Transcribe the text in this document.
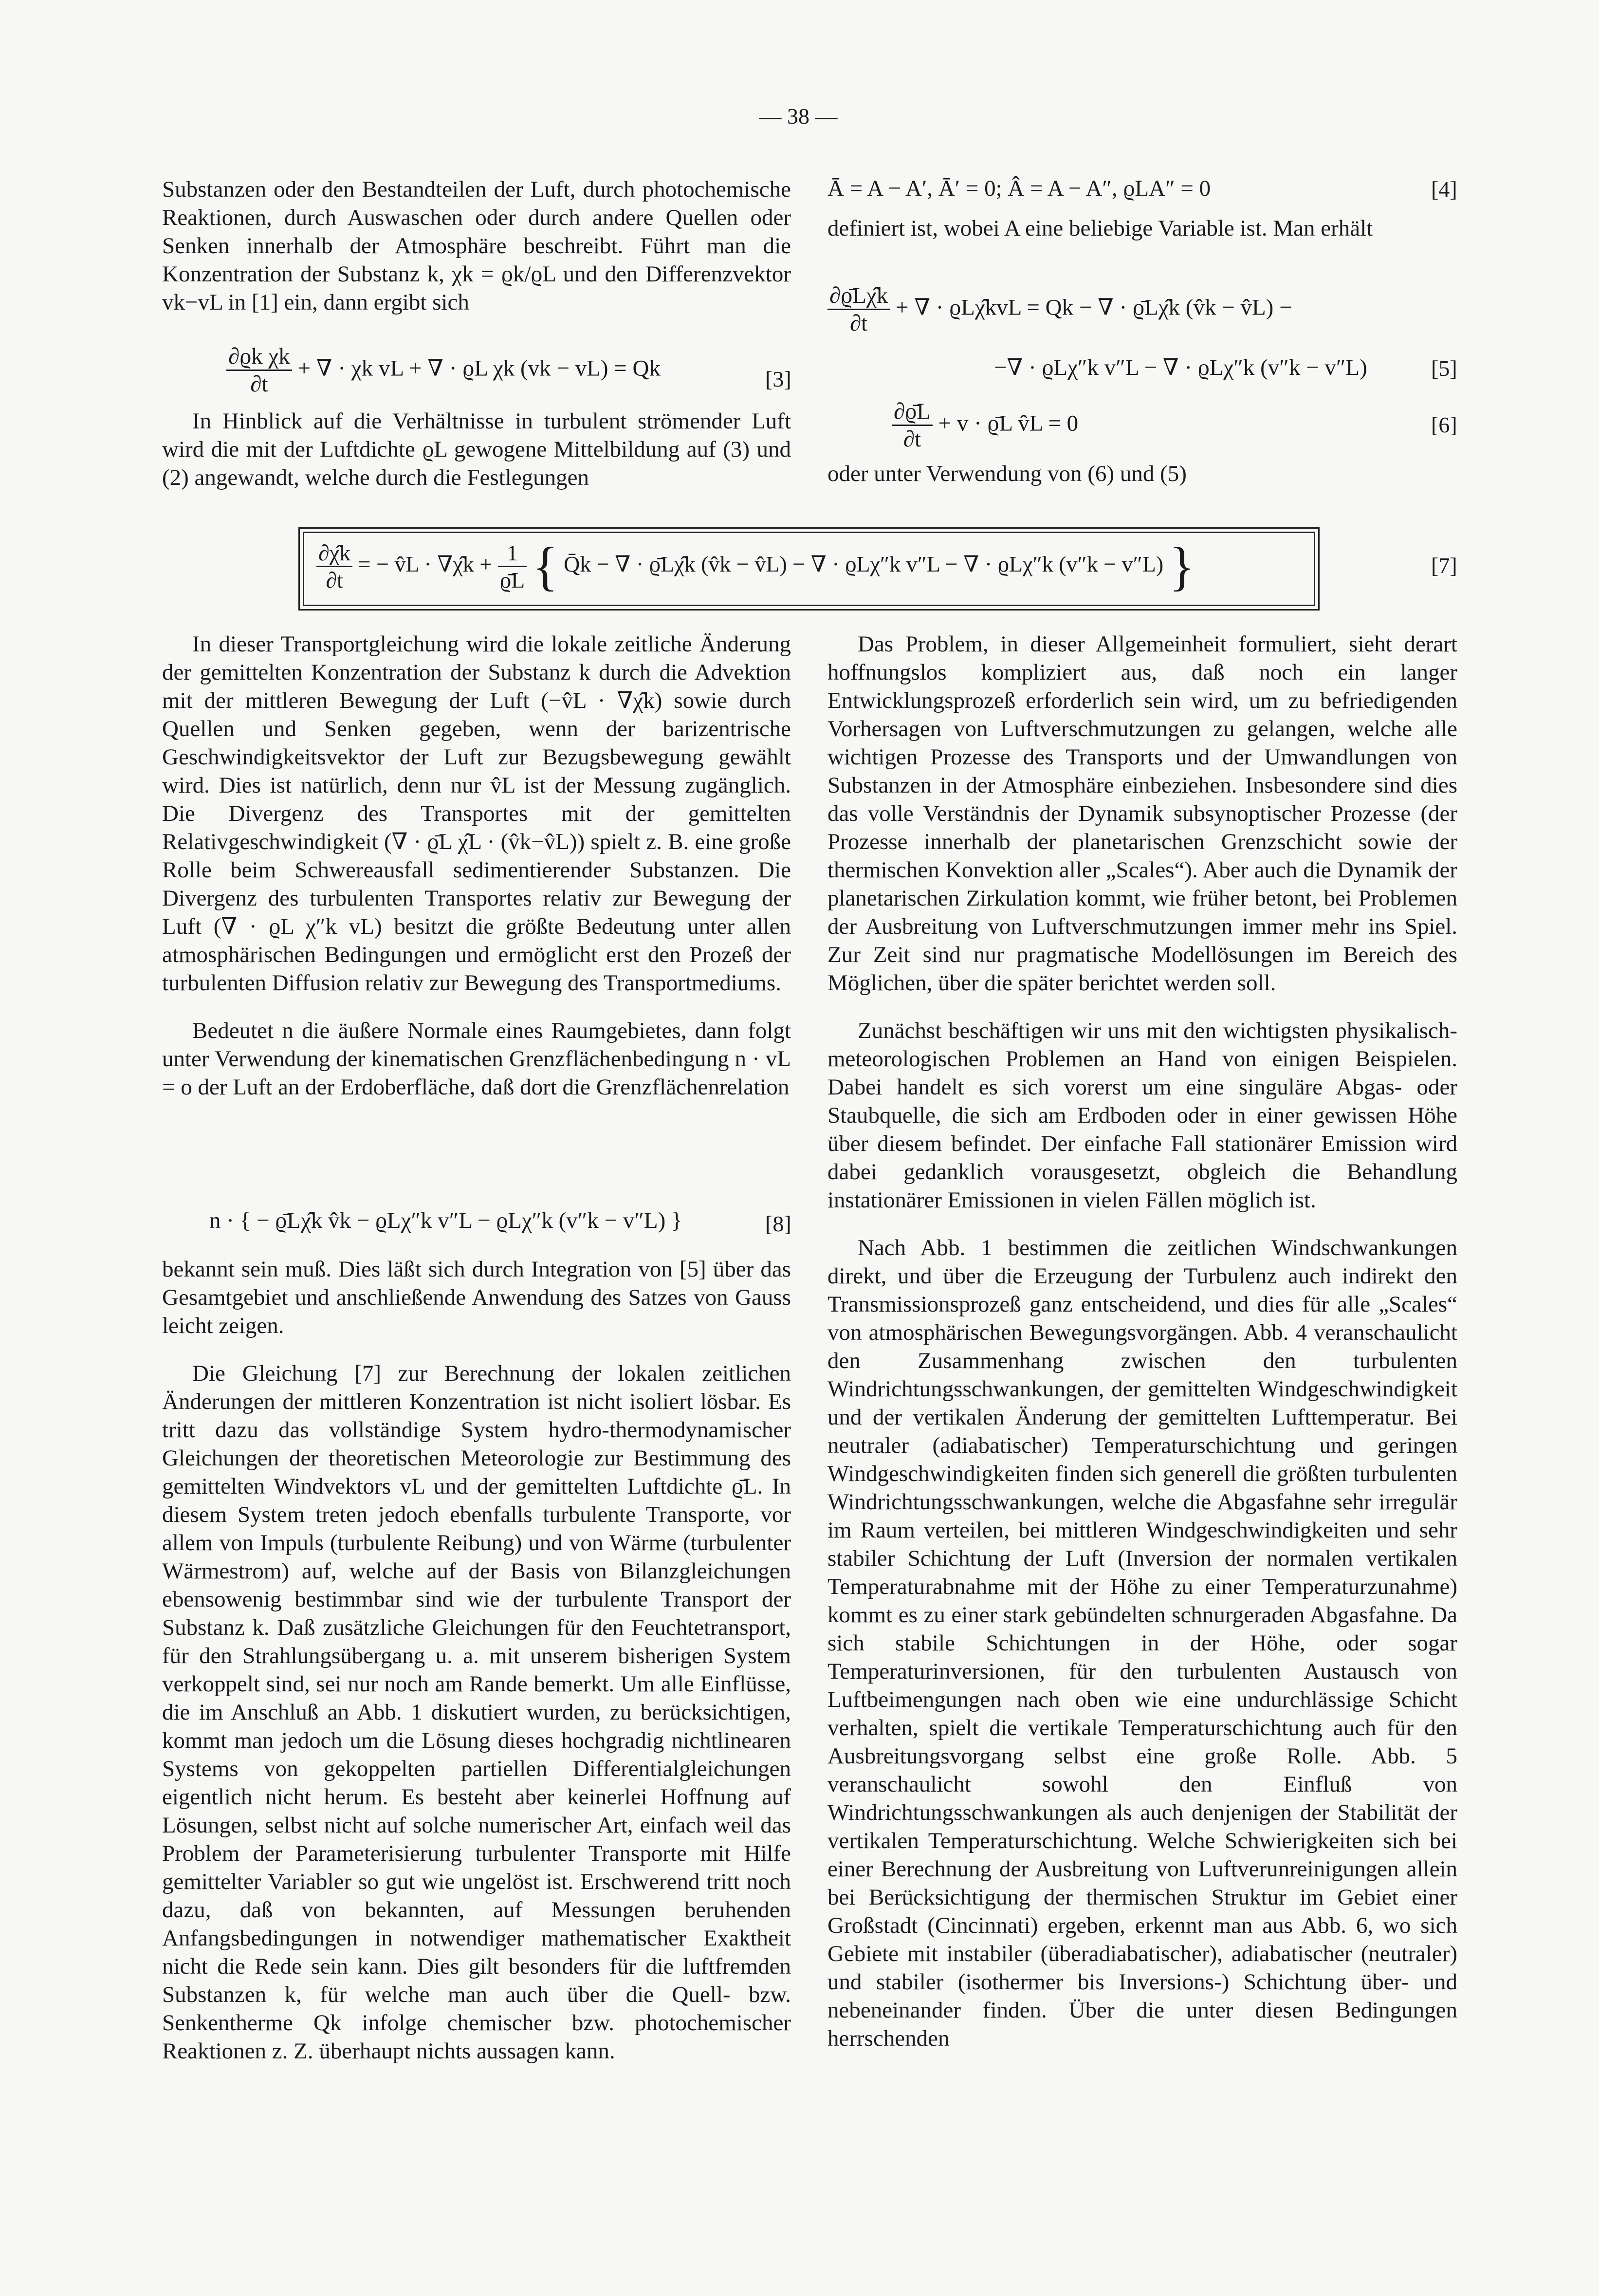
— 38 —

Substanzen oder den Bestandteilen der Luft, durch photochemische Reaktionen, durch Auswaschen oder durch andere Quellen oder Senken innerhalb der Atmosphäre beschreibt. Führt man die Konzentration der Substanz k, χk = ϱk/ϱL und den Differenzvektor vk−vL in [1] ein, dann ergibt sich

$\frac{\text{∂ϱk χk}}{\partial t}$ + ∇ · χk vL + ∇ · ϱL χk (vk − vL) = Qk	[3]

In Hinblick auf die Verhältnisse in turbulent strömender Luft wird die mit der Luftdichte ϱL gewogene Mittelbildung auf (3) und (2) angewandt, welche durch die Festlegungen

Ā = A − A′, Ā′ = 0; Â = A − A″, ϱLA″ = 0	[4]

definiert ist, wobei A eine beliebige Variable ist. Man erhält

$\frac{\partial ϱ̄L\chîk}{\partial t}$ + ∇ · ϱLχ̂kvL = Qk − ∇ · ϱ̄Lχ̂k (v̂k − v̂L) −
−∇ · ϱLχ″k v″L − ∇ · ϱLχ″k (v″k − v″L)	[5]
$\frac{\partial ϱ̄L}{\partial t} + v$ · ϱ̄L v̂L = 0	[6]

oder unter Verwendung von (6) und (5)

$\frac{\partial\chîk}{\partial t}$ = − v̂L · ∇χ̂k + $\frac{1}{ϱ̄L}$ { Q̄k − ∇ · ϱ̄Lχ̂k (v̂k − v̂L) − ∇ · ϱLχ″k v″L − ∇ · ϱLχ″k (v″k − v″L) }	[7]

In dieser Transportgleichung wird die lokale zeitliche Änderung der gemittelten Konzentration der Substanz k durch die Advektion mit der mittleren Bewegung der Luft (−v̂L · ∇χ̂k) sowie durch Quellen und Senken gegeben, wenn der barizentrische Geschwindigkeitsvektor der Luft zur Bezugsbewegung gewählt wird. Dies ist natürlich, denn nur v̂L ist der Messung zugänglich. Die Divergenz des Transportes mit der gemittelten Relativgeschwindigkeit (∇ · ϱ̄L χ̂L · (v̂k−v̂L)) spielt z. B. eine große Rolle beim Schwereausfall sedimentierender Substanzen. Die Divergenz des turbulenten Transportes relativ zur Bewegung der Luft (∇ · ϱL χ″k vL) besitzt die größte Bedeutung unter allen atmosphärischen Bedingungen und ermöglicht erst den Prozeß der turbulenten Diffusion relativ zur Bewegung des Transportmediums.

Bedeutet n die äußere Normale eines Raumgebietes, dann folgt unter Verwendung der kinematischen Grenzflächenbedingung n · vL = o der Luft an der Erdoberfläche, daß dort die Grenzflächenrelation

n · { − ϱ̄Lχ̂k v̂k − ϱLχ″k v″L − ϱLχ″k (v″k − v″L) }	[8]

bekannt sein muß. Dies läßt sich durch Integration von [5] über das Gesamtgebiet und anschließende Anwendung des Satzes von Gauss leicht zeigen.

Die Gleichung [7] zur Berechnung der lokalen zeitlichen Änderungen der mittleren Konzentration ist nicht isoliert lösbar. Es tritt dazu das vollständige System hydro-thermodynamischer Gleichungen der theoretischen Meteorologie zur Bestimmung des gemittelten Windvektors vL und der gemittelten Luftdichte ϱ̄L. In diesem System treten jedoch ebenfalls turbulente Transporte, vor allem von Impuls (turbulente Reibung) und von Wärme (turbulenter Wärmestrom) auf, welche auf der Basis von Bilanzgleichungen ebensowenig bestimmbar sind wie der turbulente Transport der Substanz k. Daß zusätzliche Gleichungen für den Feuchtetransport, für den Strahlungsübergang u. a. mit unserem bisherigen System verkoppelt sind, sei nur noch am Rande bemerkt. Um alle Einflüsse, die im Anschluß an Abb. 1 diskutiert wurden, zu berücksichtigen, kommt man jedoch um die Lösung dieses hochgradig nichtlinearen Systems von gekoppelten partiellen Differentialgleichungen eigentlich nicht herum. Es besteht aber keinerlei Hoffnung auf Lösungen, selbst nicht auf solche numerischer Art, einfach weil das Problem der Parameterisierung turbulenter Transporte mit Hilfe gemittelter Variabler so gut wie ungelöst ist. Erschwerend tritt noch dazu, daß von bekannten, auf Messungen beruhenden Anfangsbedingungen in notwendiger mathematischer Exaktheit nicht die Rede sein kann. Dies gilt besonders für die luftfremden Substanzen k, für welche man auch über die Quell- bzw. Senkentherme Qk infolge chemischer bzw. photochemischer Reaktionen z. Z. überhaupt nichts aussagen kann.

Das Problem, in dieser Allgemeinheit formuliert, sieht derart hoffnungslos kompliziert aus, daß noch ein langer Entwicklungsprozeß erforderlich sein wird, um zu befriedigenden Vorhersagen von Luftverschmutzungen zu gelangen, welche alle wichtigen Prozesse des Transports und der Umwandlungen von Substanzen in der Atmosphäre einbeziehen. Insbesondere sind dies das volle Verständnis der Dynamik subsynoptischer Prozesse (der Prozesse innerhalb der planetarischen Grenzschicht sowie der thermischen Konvektion aller „Scales“). Aber auch die Dynamik der planetarischen Zirkulation kommt, wie früher betont, bei Problemen der Ausbreitung von Luftverschmutzungen immer mehr ins Spiel. Zur Zeit sind nur pragmatische Modellösungen im Bereich des Möglichen, über die später berichtet werden soll.

Zunächst beschäftigen wir uns mit den wichtigsten physikalisch-meteorologischen Problemen an Hand von einigen Beispielen. Dabei handelt es sich vorerst um eine singuläre Abgas- oder Staubquelle, die sich am Erdboden oder in einer gewissen Höhe über diesem befindet. Der einfache Fall stationärer Emission wird dabei gedanklich vorausgesetzt, obgleich die Behandlung instationärer Emissionen in vielen Fällen möglich ist.

Nach Abb. 1 bestimmen die zeitlichen Windschwankungen direkt, und über die Erzeugung der Turbulenz auch indirekt den Transmissionsprozeß ganz entscheidend, und dies für alle „Scales“ von atmosphärischen Bewegungsvorgängen. Abb. 4 veranschaulicht den Zusammenhang zwischen den turbulenten Windrichtungsschwankungen, der gemittelten Windgeschwindigkeit und der vertikalen Änderung der gemittelten Lufttemperatur. Bei neutraler (adiabatischer) Temperaturschichtung und geringen Windgeschwindigkeiten finden sich generell die größten turbulenten Windrichtungsschwankungen, welche die Abgasfahne sehr irregulär im Raum verteilen, bei mittleren Windgeschwindigkeiten und sehr stabiler Schichtung der Luft (Inversion der normalen vertikalen Temperaturabnahme mit der Höhe zu einer Temperaturzunahme) kommt es zu einer stark gebündelten schnurgeraden Abgasfahne. Da sich stabile Schichtungen in der Höhe, oder sogar Temperaturinversionen, für den turbulenten Austausch von Luftbeimengungen nach oben wie eine undurchlässige Schicht verhalten, spielt die vertikale Temperaturschichtung auch für den Ausbreitungsvorgang selbst eine große Rolle. Abb. 5 veranschaulicht sowohl den Einfluß von Windrichtungsschwankungen als auch denjenigen der Stabilität der vertikalen Temperaturschichtung. Welche Schwierigkeiten sich bei einer Berechnung der Ausbreitung von Luftverunreinigungen allein bei Berücksichtigung der thermischen Struktur im Gebiet einer Großstadt (Cincinnati) ergeben, erkennt man aus Abb. 6, wo sich Gebiete mit instabiler (überadiabatischer), adiabatischer (neutraler) und stabiler (isothermer bis Inversions-) Schichtung über- und nebeneinander finden. Über die unter diesen Bedingungen herrschenden
